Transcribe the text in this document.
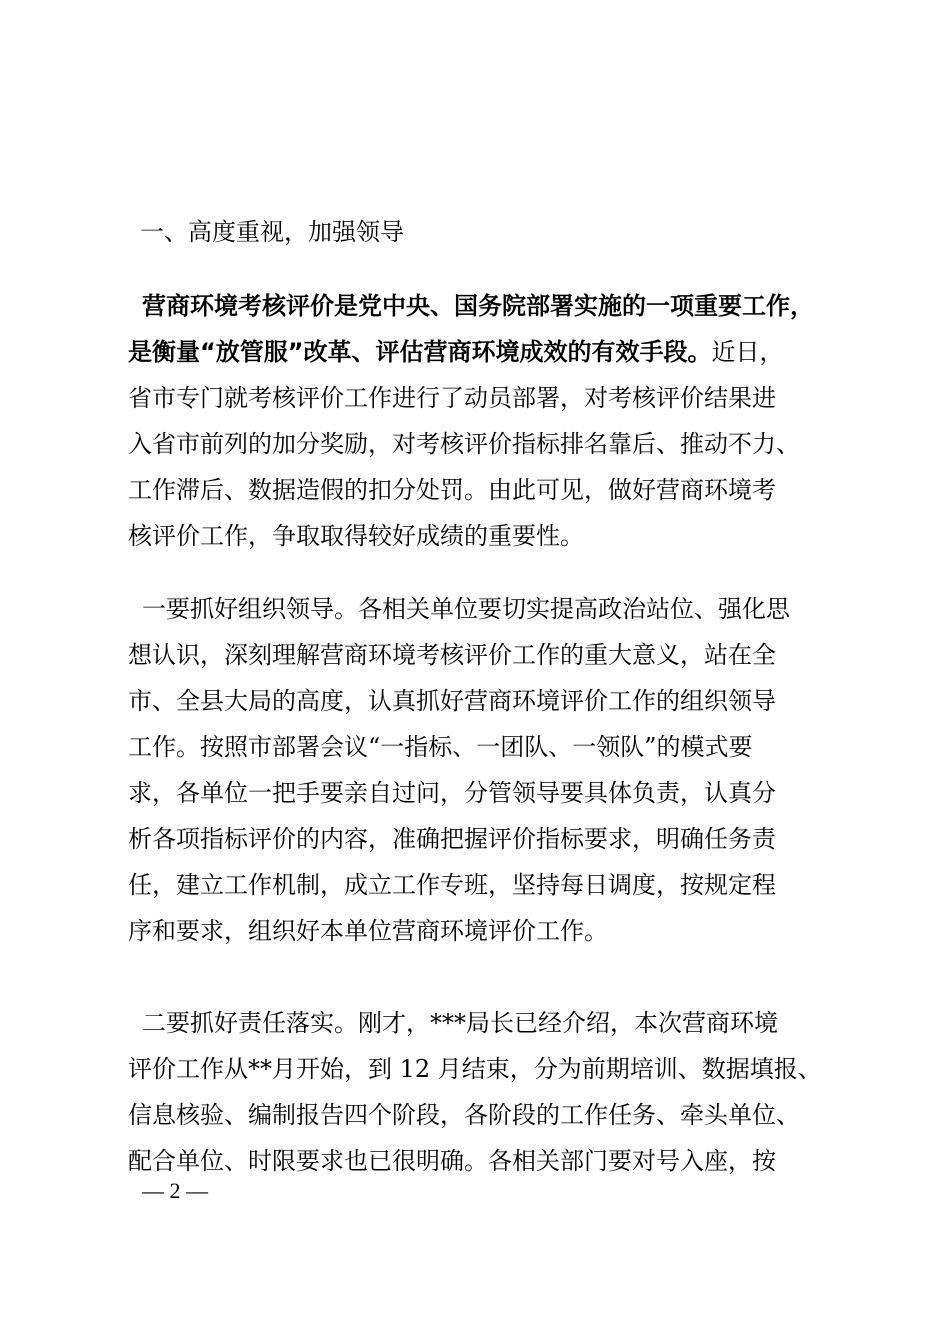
一、高度重视，加强领导
营商环境考核评价是党中央、国务院部署实施的一项重要工作，
是衡量“放管服”改革、评估营商环境成效的有效手段。近日，
省市专门就考核评价工作进行了动员部署，对考核评价结果进
入省市前列的加分奖励，对考核评价指标排名靠后、推动不力、
工作滞后、数据造假的扣分处罚。由此可见，做好营商环境考
核评价工作，争取取得较好成绩的重要性。
一要抓好组织领导。各相关单位要切实提高政治站位、强化思
想认识，深刻理解营商环境考核评价工作的重大意义，站在全
市、全县大局的高度，认真抓好营商环境评价工作的组织领导
工作。按照市部署会议“一指标、一团队、一领队”的模式要
求，各单位一把手要亲自过问，分管领导要具体负责，认真分
析各项指标评价的内容，准确把握评价指标要求，明确任务责
任，建立工作机制，成立工作专班，坚持每日调度，按规定程
序和要求，组织好本单位营商环境评价工作。
二要抓好责任落实。刚才，***局长已经介绍，本次营商环境
评价工作从**月开始，到 12 月结束，分为前期培训、数据填报、
信息核验、编制报告四个阶段，各阶段的工作任务、牵头单位、
配合单位、时限要求也已很明确。各相关部门要对号入座，按
— 2 —
